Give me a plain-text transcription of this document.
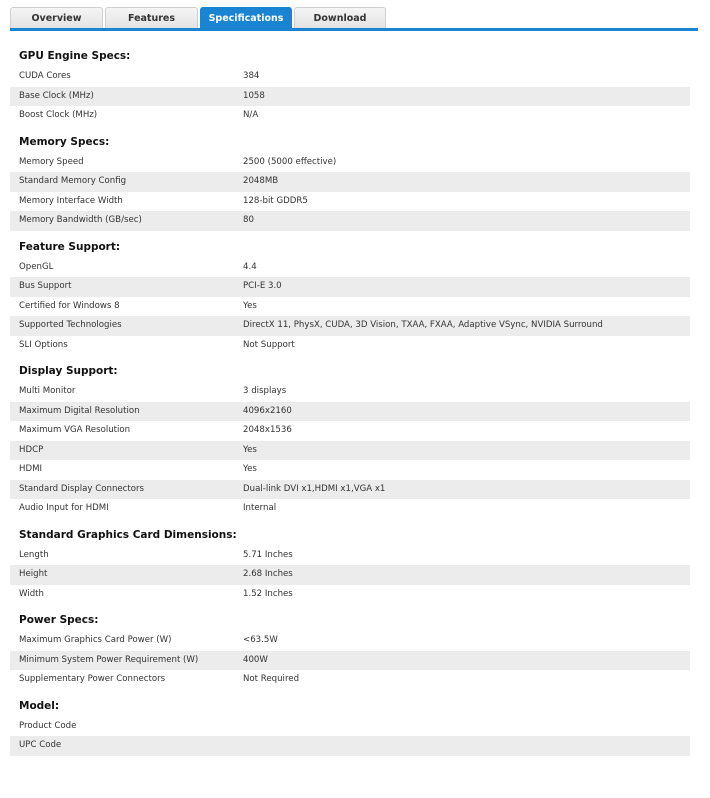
Overview	Features	Specifications	Download
GPU Engine Specs:
CUDA Cores	384
Base Clock (MHz)	1058
Boost Clock (MHz)	N/A
Memory Specs:
Memory Speed	2500 (5000 effective)
Standard Memory Config	2048MB
Memory Interface Width	128-bit GDDR5
Memory Bandwidth (GB/sec)	80
Feature Support:
OpenGL	4.4
Bus Support	PCI-E 3.0
Certified for Windows 8	Yes
Supported Technologies	DirectX 11, PhysX, CUDA, 3D Vision, TXAA, FXAA, Adaptive VSync, NVIDIA Surround
SLI Options	Not Support
Display Support:
Multi Monitor	3 displays
Maximum Digital Resolution	4096x2160
Maximum VGA Resolution	2048x1536
HDCP	Yes
HDMI	Yes
Standard Display Connectors	Dual-link DVI x1,HDMI x1,VGA x1
Audio Input for HDMI	Internal
Standard Graphics Card Dimensions:
Length	5.71 Inches
Height	2.68 Inches
Width	1.52 Inches
Power Specs:
Maximum Graphics Card Power (W)	<63.5W
Minimum System Power Requirement (W)	400W
Supplementary Power Connectors	Not Required
Model:
Product Code
UPC Code
